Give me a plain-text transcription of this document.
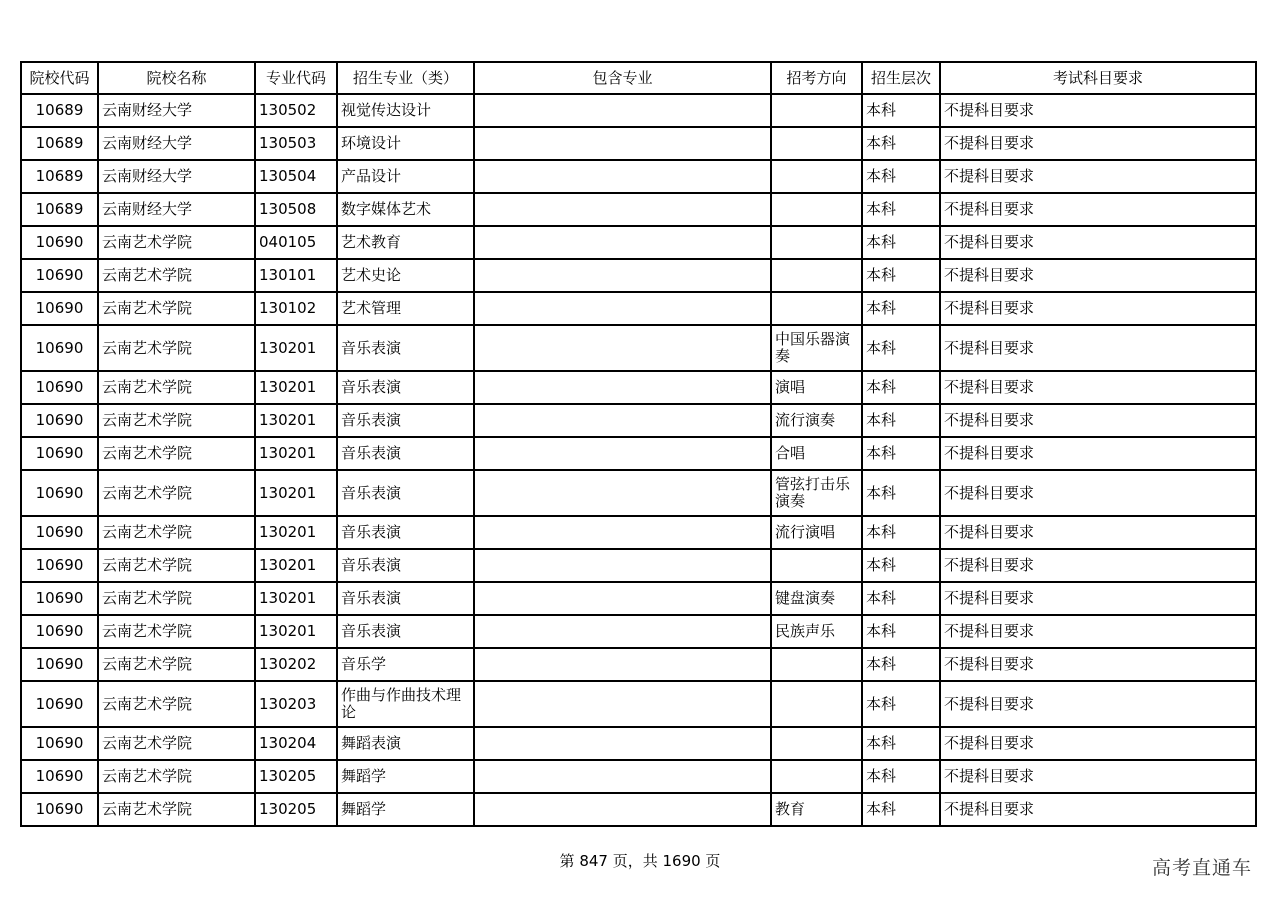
院校代码	院校名称	专业代码	招生专业（类）	包含专业	招考方向	招生层次	考试科目要求
10689	云南财经大学	130502	视觉传达设计			本科	不提科目要求
10689	云南财经大学	130503	环境设计			本科	不提科目要求
10689	云南财经大学	130504	产品设计			本科	不提科目要求
10689	云南财经大学	130508	数字媒体艺术			本科	不提科目要求
10690	云南艺术学院	040105	艺术教育			本科	不提科目要求
10690	云南艺术学院	130101	艺术史论			本科	不提科目要求
10690	云南艺术学院	130102	艺术管理			本科	不提科目要求
10690	云南艺术学院	130201	音乐表演		中国乐器演奏	本科	不提科目要求
10690	云南艺术学院	130201	音乐表演		演唱	本科	不提科目要求
10690	云南艺术学院	130201	音乐表演		流行演奏	本科	不提科目要求
10690	云南艺术学院	130201	音乐表演		合唱	本科	不提科目要求
10690	云南艺术学院	130201	音乐表演		管弦打击乐演奏	本科	不提科目要求
10690	云南艺术学院	130201	音乐表演		流行演唱	本科	不提科目要求
10690	云南艺术学院	130201	音乐表演			本科	不提科目要求
10690	云南艺术学院	130201	音乐表演		键盘演奏	本科	不提科目要求
10690	云南艺术学院	130201	音乐表演		民族声乐	本科	不提科目要求
10690	云南艺术学院	130202	音乐学			本科	不提科目要求
10690	云南艺术学院	130203	作曲与作曲技术理论			本科	不提科目要求
10690	云南艺术学院	130204	舞蹈表演			本科	不提科目要求
10690	云南艺术学院	130205	舞蹈学			本科	不提科目要求
10690	云南艺术学院	130205	舞蹈学		教育	本科	不提科目要求
第 847 页，共 1690 页	高考直通车
